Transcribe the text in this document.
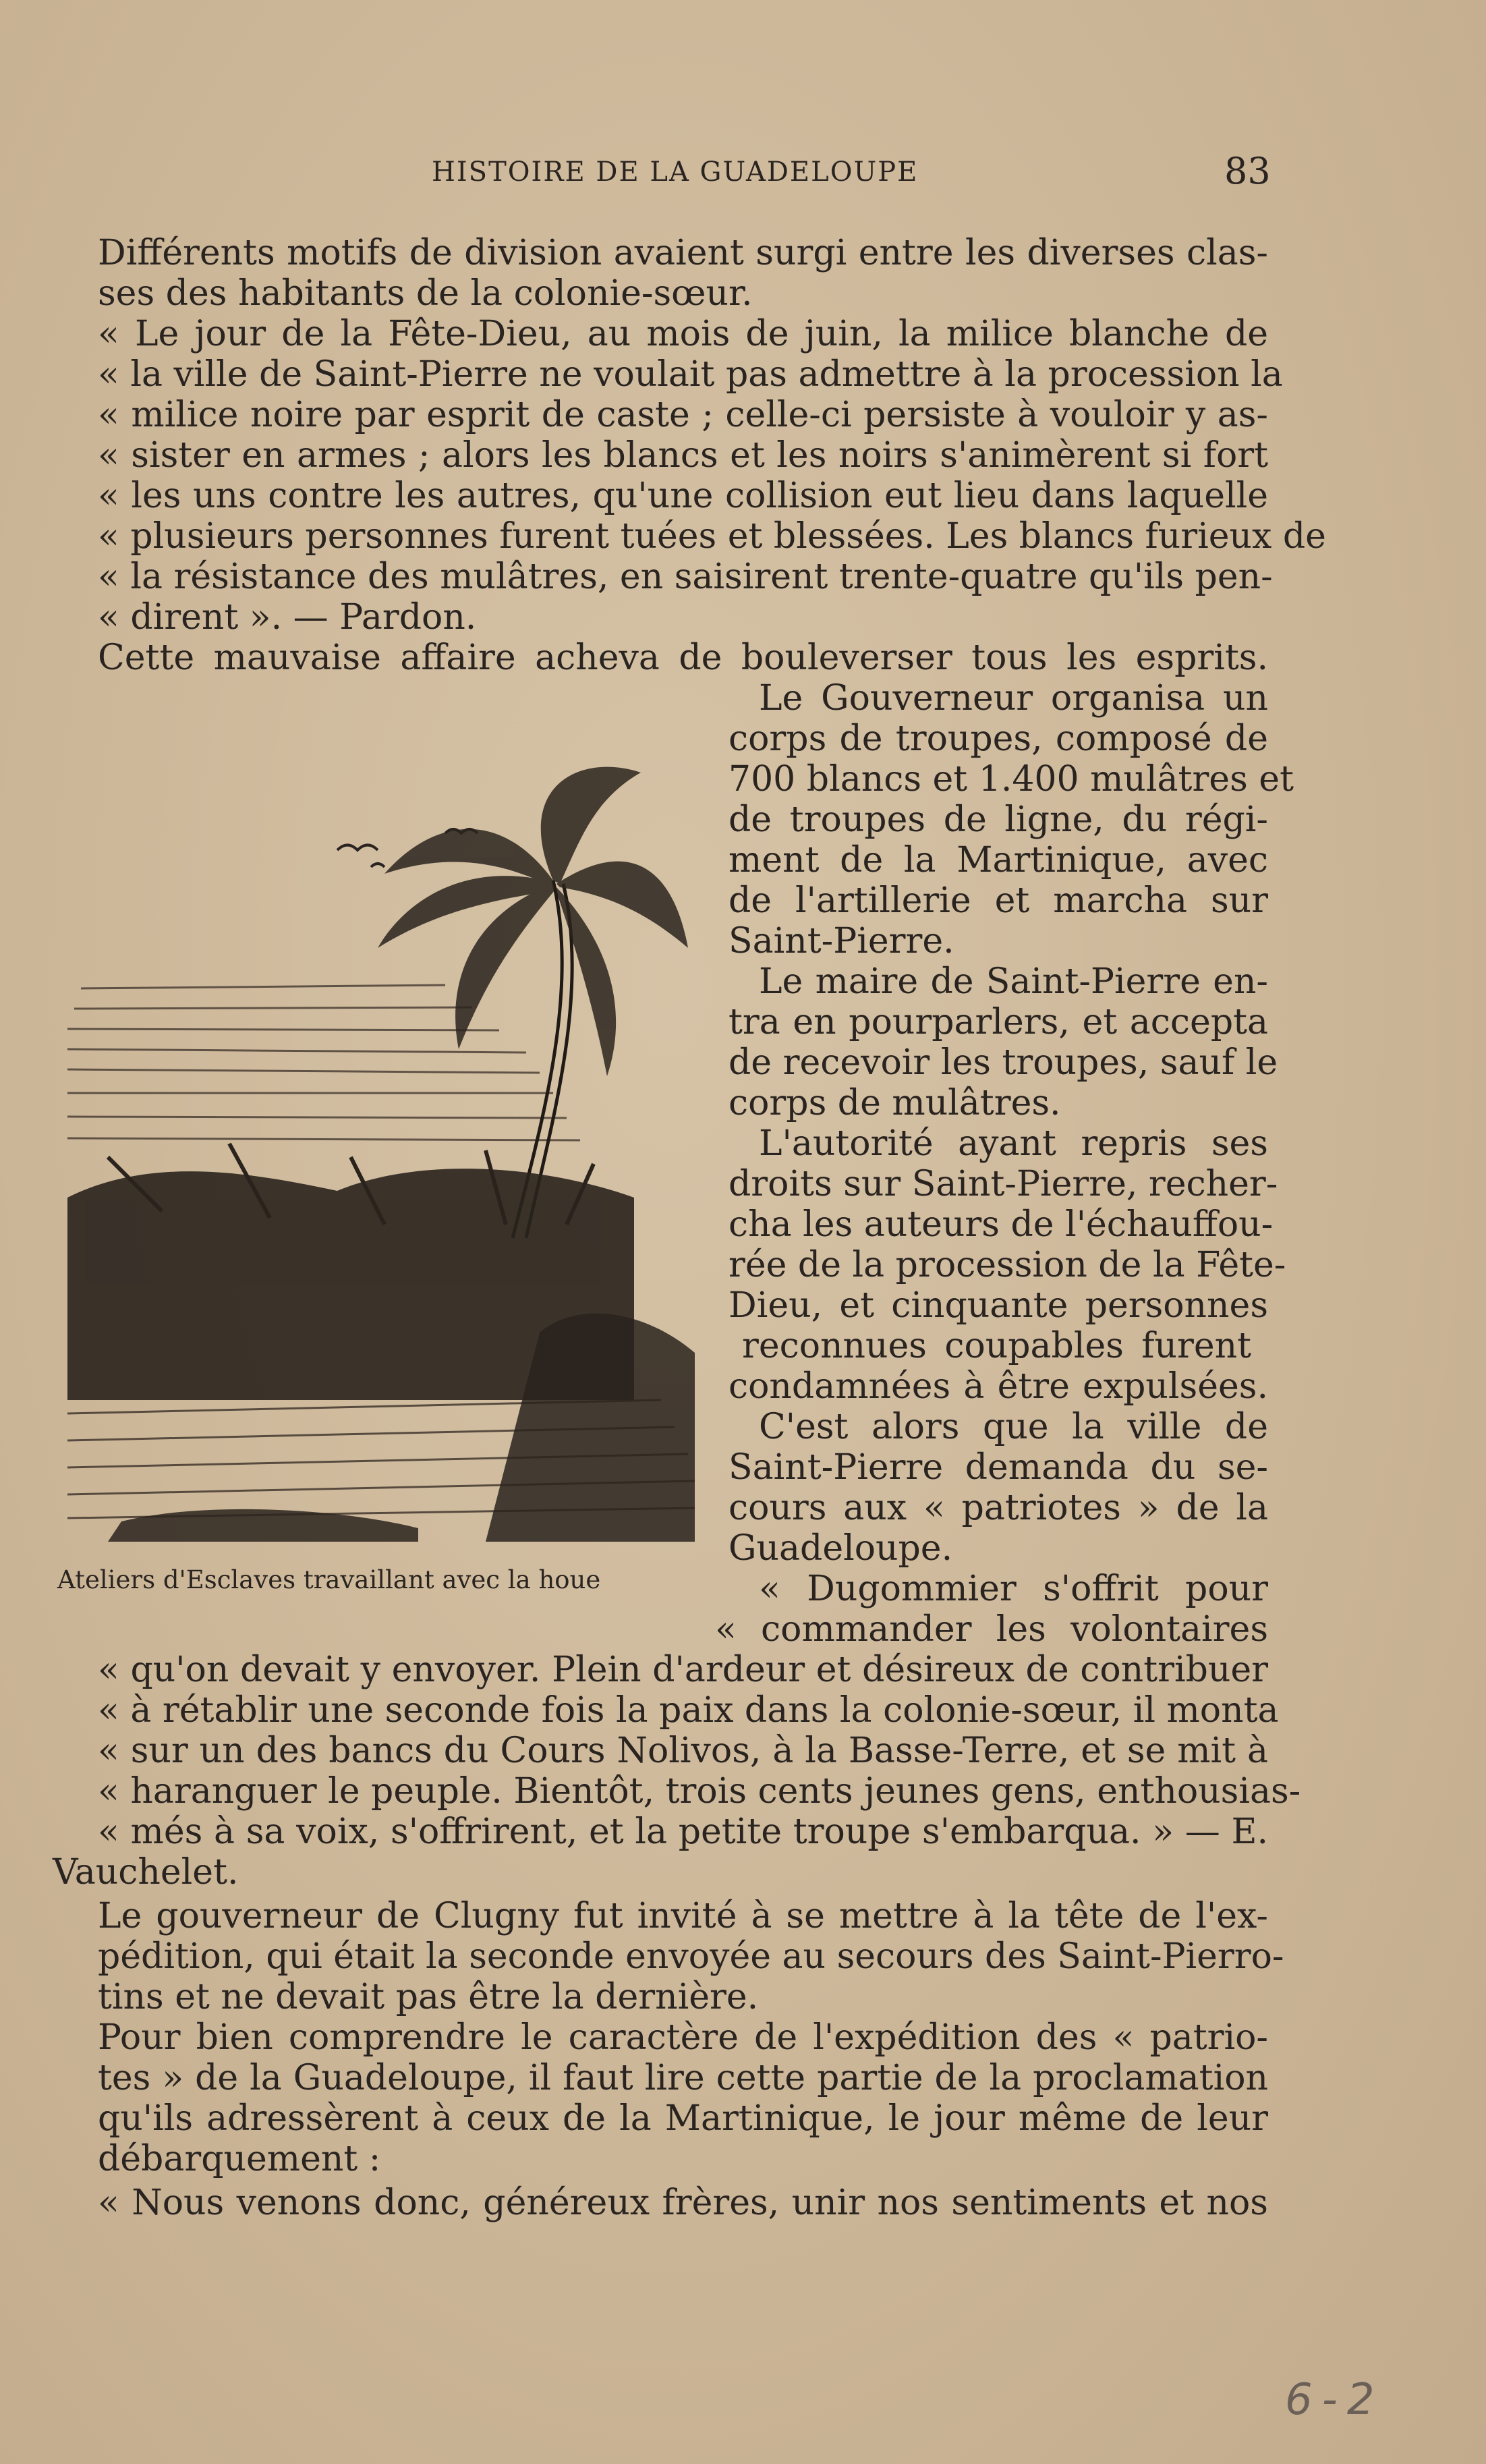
HISTOIRE DE LA GUADELOUPE	83
Différents motifs de division avaient surgi entre les diverses clas-
ses des habitants de la colonie-sœur.
« Le jour de la Fête-Dieu, au mois de juin, la milice blanche de
« la ville de Saint-Pierre ne voulait pas admettre à la procession la
« milice noire par esprit de caste ; celle-ci persiste à vouloir y as-
« sister en armes ; alors les blancs et les noirs s'animèrent si fort
« les uns contre les autres, qu'une collision eut lieu dans laquelle
« plusieurs personnes furent tuées et blessées. Les blancs furieux de
« la résistance des mulâtres, en saisirent trente-quatre qu'ils pen-
« dirent ». — Pardon.
Cette mauvaise affaire acheva de bouleverser tous les esprits.
Ateliers d'Esclaves travaillant avec la houe
Le Gouverneur organisa un
corps de troupes, composé de
700 blancs et 1.400 mulâtres et
de troupes de ligne, du régi-
ment de la Martinique, avec
de l'artillerie et marcha sur
Saint-Pierre.
Le maire de Saint-Pierre en-
tra en pourparlers, et accepta
de recevoir les troupes, sauf le
corps de mulâtres.
L'autorité ayant repris ses
droits sur Saint-Pierre, recher-
cha les auteurs de l'échauffou-
rée de la procession de la Fête-
Dieu, et cinquante personnes
reconnues coupables furent
condamnées à être expulsées.
C'est alors que la ville de
Saint-Pierre demanda du se-
cours aux « patriotes » de la
Guadeloupe.
« Dugommier s'offrit pour
« commander les volontaires
« qu'on devait y envoyer. Plein d'ardeur et désireux de contribuer
« à rétablir une seconde fois la paix dans la colonie-sœur, il monta
« sur un des bancs du Cours Nolivos, à la Basse-Terre, et se mit à
« haranguer le peuple. Bientôt, trois cents jeunes gens, enthousias-
« més à sa voix, s'offrirent, et la petite troupe s'embarqua. » — E.
Vauchelet.
Le gouverneur de Clugny fut invité à se mettre à la tête de l'ex-
pédition, qui était la seconde envoyée au secours des Saint-Pierro-
tins et ne devait pas être la dernière.
Pour bien comprendre le caractère de l'expédition des « patrio-
tes » de la Guadeloupe, il faut lire cette partie de la proclamation
qu'ils adressèrent à ceux de la Martinique, le jour même de leur
débarquement :
« Nous venons donc, généreux frères, unir nos sentiments et nos
6-2
